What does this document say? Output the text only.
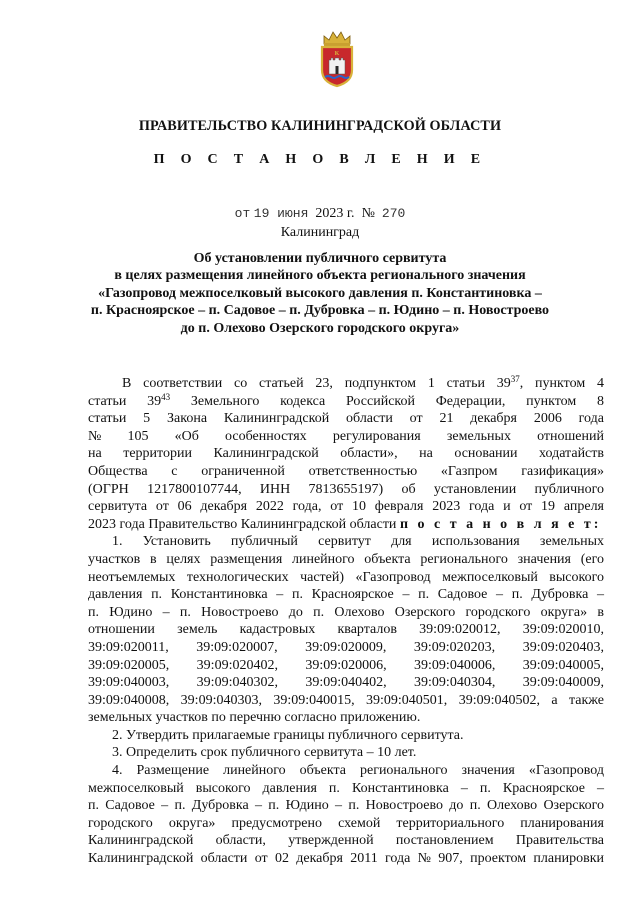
K
ПРАВИТЕЛЬСТВО КАЛИНИНГРАДСКОЙ ОБЛАСТИ
П О С Т А Н О В Л Е Н И Е
от 19 июня 2023 г. № 270
Калининград
Об установлении публичного сервитута
в целях размещения линейного объекта регионального значения
«Газопровод межпоселковый высокого давления п. Константиновка –
п. Красноярское – п. Садовое – п. Дубровка – п. Юдино – п. Новостроево
до п. Олехово Озерского городского округа»
В соответствии со статьей 23, подпунктом 1 статьи $39^{37}$, пунктом 4
статьи $39^{43}$ Земельного кодекса Российской Федерации, пунктом 8
статьи 5 Закона Калининградской области от 21 декабря 2006 года
№ 105 «Об особенностях регулирования земельных отношений
на территории Калининградской области», на основании ходатайств
Общества с ограниченной ответственностью «Газпром газификация»
(ОГРН 1217800107744, ИНН 7813655197) об установлении публичного
сервитута от 06 декабря 2022 года, от 10 февраля 2023 года и от 19 апреля
2023 года Правительство Калининградской области п о с т а н о в л я е т:
1. Установить публичный сервитут для использования земельных
участков в целях размещения линейного объекта регионального значения (его
неотъемлемых технологических частей) «Газопровод межпоселковый высокого
давления п. Константиновка – п. Красноярское – п. Садовое – п. Дубровка –
п. Юдино – п. Новостроево до п. Олехово Озерского городского округа» в
отношении земель кадастровых кварталов 39:09:020012, 39:09:020010,
39:09:020011, 39:09:020007, 39:09:020009, 39:09:020203, 39:09:020403,
39:09:020005, 39:09:020402, 39:09:020006, 39:09:040006, 39:09:040005,
39:09:040003, 39:09:040302, 39:09:040402, 39:09:040304, 39:09:040009,
39:09:040008, 39:09:040303, 39:09:040015, 39:09:040501, 39:09:040502, а также
земельных участков по перечню согласно приложению.
2. Утвердить прилагаемые границы публичного сервитута.
3. Определить срок публичного сервитута – 10 лет.
4. Размещение линейного объекта регионального значения «Газопровод
межпоселковый высокого давления п. Константиновка – п. Красноярское –
п. Садовое – п. Дубровка – п. Юдино – п. Новостроево до п. Олехово Озерского
городского округа» предусмотрено схемой территориального планирования
Калининградской области, утвержденной постановлением Правительства
Калининградской области от 02 декабря 2011 года № 907, проектом планировки
